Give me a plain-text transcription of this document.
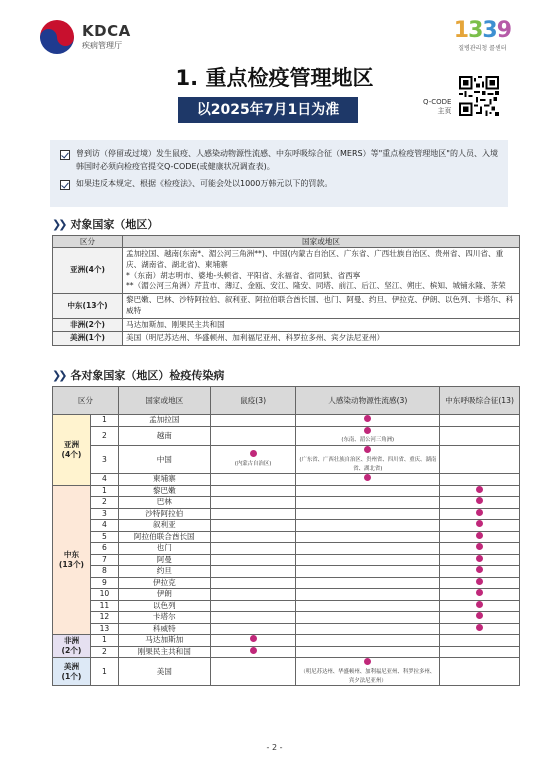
KDCA
疾病管理厅
1339
질병관리청 콜센터
1. 重点检疫管理地区
以2025年7月1日为准	Q-CODE
主页
曾到访（停留或过境）发生鼠疫、人感染动物源性流感、中东呼吸综合征（MERS）等"重点检疫管理地区"的人员、入境韩国时必须向检疫官提交Q-CODE(或健康状况调查表)。
如果违反本规定、根据《检疫法》、可能会处以1000万韩元以下的罚款。
❯❯ 对象国家（地区）
区分	国家或地区
亚洲(4个)	孟加拉国、越南(东南*、湄公河三角洲**)、中国(内蒙古自治区、广东省、广西壮族自治区、贵州省、四川省、重庆、湖南省、湖北省)、柬埔寨
*（东南）胡志明市、婆地-头顿省、平阳省、永福省、省同狱、省西寧
**（湄公河三角洲）芹苴市、薄辽、金瓯、安江、隆安、同塔、前江、后江、坚江、朔庄、槟知、城铺永隆、茶荣

中东(13个)	黎巴嫩、巴林、沙特阿拉伯、叙利亚、阿拉伯联合酋长国、也门、阿曼、约旦、伊拉克、伊朗、以色列、卡塔尔、科威特
非洲(2个)	马达加斯加、刚果民主共和国
美洲(1个)	美国（明尼苏达州、华盛顿州、加利福尼亚州、科罗拉多州、宾夕法尼亚州）
❯❯ 各对象国家（地区）检疫传染病
区分		国家或地区	鼠疫(3)	人感染动物源性流感(3)	中东呼吸综合征(13)

亚洲
(4个)	1	孟加拉国			
	2	越南		(东南、湄公河三角洲)	

	3	中国	(内蒙古自治区)	(广东省、广西壮族自治区、贵州省、四川省、重庆、湖南省、湖北省)	

	4	柬埔寨			

中东
(13个)	1	黎巴嫩			
	2	巴林			
	3	沙特阿拉伯			
	4	叙利亚			
	5	阿拉伯联合酋长国			
	6	也门			
	7	阿曼			
	8	约旦			
	9	伊拉克			
	10	伊朗			
	11	以色列			
	12	卡塔尔			
	13	科威特			

非洲
(2个)	1	马达加斯加			
	2	刚果民主共和国			

美洲
(1个)	1	美国		（明尼苏达州、华盛顿州、加利福尼亚州、科罗拉多州、宾夕法尼亚州）	

- 2 -
